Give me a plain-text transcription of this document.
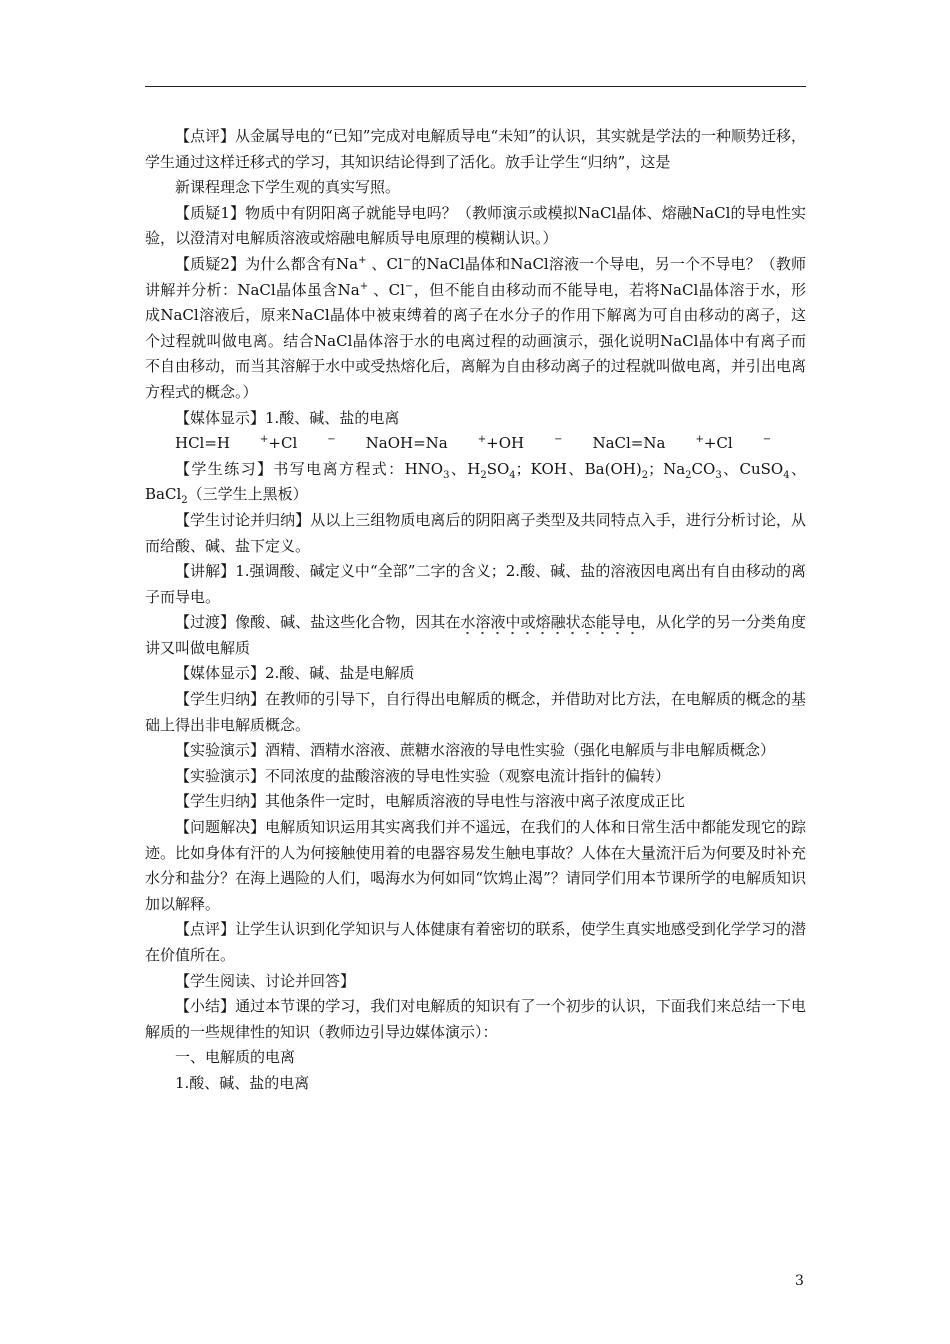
【点评】从金属导电的“已知”完成对电解质导电“未知”的认识，其实就是学法的一种顺势迁移，学生通过这样迁移式的学习，其知识结论得到了活化。放手让学生“归纳”，这是

新课程理念下学生观的真实写照。

【质疑1】物质中有阴阳离子就能导电吗？（教师演示或模拟NaCl晶体、熔融NaCl的导电性实验，以澄清对电解质溶液或熔融电解质导电原理的模糊认识。）

【质疑2】为什么都含有Na+ 、Cl−的NaCl晶体和NaCl溶液一个导电，另一个不导电？（教师讲解并分析：NaCl晶体虽含Na+ 、Cl−，但不能自由移动而不能导电，若将NaCl晶体溶于水，形成NaCl溶液后，原来NaCl晶体中被束缚着的离子在水分子的作用下解离为可自由移动的离子，这个过程就叫做电离。结合NaCl晶体溶于水的电离过程的动画演示，强化说明NaCl晶体中有离子而不自由移动，而当其溶解于水中或受热熔化后，离解为自由移动离子的过程就叫做电离，并引出电离方程式的概念。）

【媒体显示】1.酸、碱、盐的电离

HCl=H	++Cl	− NaOH=Na	++OH	− NaCl=Na	++Cl	−

【学生练习】书写电离方程式：$HNO_3$、$H_2SO_4$；KOH、$Ba(OH)_2$；$Na_2CO_3$、CuSO$_4$、BaCl$_2$（三学生上黑板）

【学生讨论并归纳】从以上三组物质电离后的阴阳离子类型及共同特点入手，进行分析讨论，从而给酸、碱、盐下定义。

【讲解】1.强调酸、碱定义中“全部”二字的含义；2.酸、碱、盐的溶液因电离出有自由移动的离子而导电。

【过渡】像酸、碱、盐这些化合物，因其在水溶液中或熔融状态能导电，从化学的另一分类角度讲又叫做电解质

【媒体显示】2.酸、碱、盐是电解质

【学生归纳】在教师的引导下，自行得出电解质的概念，并借助对比方法，在电解质的概念的基础上得出非电解质概念。

【实验演示】酒精、酒精水溶液、蔗糖水溶液的导电性实验（强化电解质与非电解质概念）

【实验演示】不同浓度的盐酸溶液的导电性实验（观察电流计指针的偏转）

【学生归纳】其他条件一定时，电解质溶液的导电性与溶液中离子浓度成正比

【问题解决】电解质知识运用其实离我们并不遥远，在我们的人体和日常生活中都能发现它的踪迹。比如身体有汗的人为何接触使用着的电器容易发生触电事故？人体在大量流汗后为何要及时补充水分和盐分？在海上遇险的人们，喝海水为何如同“饮鸩止渴”？请同学们用本节课所学的电解质知识加以解释。

【点评】让学生认识到化学知识与人体健康有着密切的联系，使学生真实地感受到化学学习的潜在价值所在。

【学生阅读、讨论并回答】

【小结】通过本节课的学习，我们对电解质的知识有了一个初步的认识，下面我们来总结一下电解质的一些规律性的知识（教师边引导边媒体演示）：

一、电解质的电离

1.酸、碱、盐的电离

3
